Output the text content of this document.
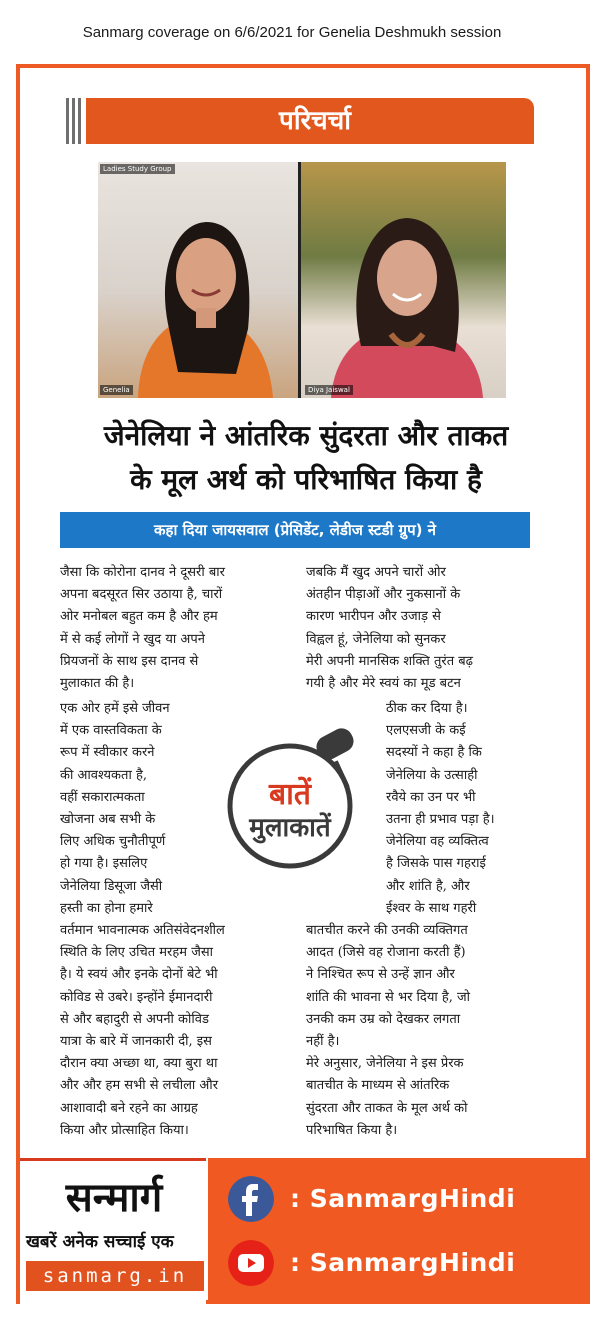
Sanmarg coverage on 6/6/2021 for Genelia Deshmukh session
परिचर्चा
Ladies Study Group
Genelia	Diya Jaiswal
जेनेलिया ने आंतरिक सुंदरता और ताकत
के मूल अर्थ को परिभाषित किया है
कहा दिया जायसवाल (प्रेसिडेंट, लेडीज स्टडी ग्रुप) ने

जैसा कि कोरोना दानव ने दूसरी बार

अपना बदसूरत सिर उठाया है, चारों

ओर मनोबल बहुत कम है और हम

में से कई लोगों ने खुद या अपने

प्रियजनों के साथ इस दानव से

मुलाकात की है।

एक ओर हमें इसे जीवन

में एक वास्तविकता के

रूप में स्वीकार करने

की आवश्यकता है,

वहीं सकारात्मकता

खोजना अब सभी के

लिए अधिक चुनौतीपूर्ण

हो गया है। इसलिए

जेनेलिया डिसूजा जैसी

हस्ती का होना हमारे

वर्तमान भावनात्मक अतिसंवेदनशील

स्थिति के लिए उचित मरहम जैसा

है। ये स्वयं और इनके दोनों बेटे भी

कोविड से उबरे। इन्होंने ईमानदारी

से और बहादुरी से अपनी कोविड

यात्रा के बारे में जानकारी दी, इस

दौरान क्या अच्छा था, क्या बुरा था

और और हम सभी से लचीला और

आशावादी बने रहने का आग्रह

किया और प्रोत्साहित किया।

जबकि मैं खुद अपने चारों ओर

अंतहीन पीड़ाओं और नुकसानों के

कारण भारीपन और उजाड़ से

विह्वल हूं, जेनेलिया को सुनकर

मेरी अपनी मानसिक शक्ति तुरंत बढ़

गयी है और मेरे स्वयं का मूड बटन

ठीक कर दिया है।

एलएसजी के कई

सदस्यों ने कहा है कि

जेनेलिया के उत्साही

रवैये का उन पर भी

उतना ही प्रभाव पड़ा है।

जेनेलिया वह व्यक्तित्व

है जिसके पास गहराई

और शांति है, और

ईश्वर के साथ गहरी

बातचीत करने की उनकी व्यक्तिगत

आदत (जिसे वह रोजाना करती हैं)

ने निश्चित रूप से उन्हें ज्ञान और

शांति की भावना से भर दिया है, जो

उनकी कम उम्र को देखकर लगता

नहीं है।

मेरे अनुसार, जेनेलिया ने इस प्रेरक

बातचीत के माध्यम से आंतरिक

सुंदरता और ताकत के मूल अर्थ को

परिभाषित किया है।

बातें
मुलाकातें
सन्मार्ग
खबरें अनेक सच्चाई एक
sanmarg.in
: SanmargHindi
: SanmargHindi
